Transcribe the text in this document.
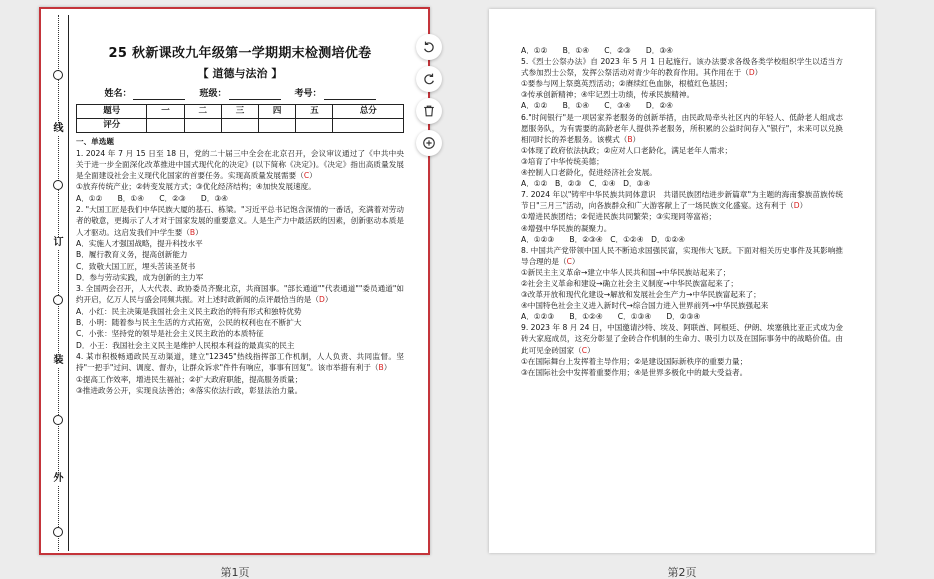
线
订
装
外
25 秋新课改九年级第一学期期末检测培优卷
【 道德与法治 】
姓名：	班级：	考号：
题号	一	二	三	四	五	总分
评分						
一、单选题
1. 2024 年 7 月 15 日至 18 日，党的二十届三中全会在北京召开，会议审议通过了《中共中央关于进一步全面深化改革推进中国式现代化的决定》(以下简称《决定》)。《决定》指出高质量发展是全面建设社会主义现代化国家的首要任务。实现高质量发展需要（C）
①放弃传统产业；②转变发展方式；③优化经济结构；④加快发展速度。
A．①②　　B．①④　　C．②③　　D．③④
2. "大国工匠是我们中华民族大厦的基石、栋梁。"习近平总书记饱含深情的一番话，充满着对劳动者的敬意，更揭示了人才对于国家发展的重要意义。人是生产力中最活跃的因素，创新驱动本质是人才驱动。这启发我们中学生要（B）
A．实施人才强国战略，提升科技水平
B．履行教育义务，提高创新能力
C．致敬大国工匠，埋头苦读圣贤书
D．参与劳动实践，成为创新的主力军
3. 全国两会召开，人大代表、政协委员齐聚北京，共商国事。"部长通道""代表通道""委员通道"如约开启，亿万人民与盛会同频共振。对上述时政新闻的点评最恰当的是（D）
A．小红：民主决策是我国社会主义民主政治的特有形式和独特优势
B．小明：随着参与民主生活的方式拓宽，公民的权利也在不断扩大
C．小张：坚持党的领导是社会主义民主政治的本质特征
D．小王：我国社会主义民主是维护人民根本利益的最真实的民主
4. 某市积极畅通政民互动渠道，建立"12345"热线指挥部工作机制，人人负责、共同监督。坚持"一把手"过问、调度、督办，让群众诉求"件件有响应，事事有回复"。该市举措有利于（B）
①提高工作效率，增进民生福祉；②扩大政府职能，提高服务质量；
③推进政务公开，实现良法善治；④落实依法行政，彰显法治力量。
A．①②　　B．①④　　C．②③　　D．③④
5.《烈士公祭办法》自 2023 年 5 月 1 日起施行。该办法要求各级各类学校组织学生以适当方式参加烈士公祭，发挥公祭活动对青少年的教育作用。其作用在于（D）
①要参与网上祭奠英烈活动；②赓续红色血脉，根植红色基因；
③传承创新精神；④牢记烈士功绩，传承民族精神。
A．①②　　B．①④　　C．③④　　D．②④
6."时间银行"是一项居家养老服务的创新举措，由民政局牵头社区内的年轻人、低龄老人组成志愿服务队，为有需要的高龄老年人提供养老服务，所积累的公益时间存入"银行"，未来可以兑换相同时长的养老服务。该模式（B）
①体现了政府依法执政；②应对人口老龄化，满足老年人需求；
③培育了中华传统美德；
④控制人口老龄化，促进经济社会发展。
A．①②　B．②③　C．①④　D．③④
7. 2024 年以"铸牢中华民族共同体意识　共谱民族团结进步新篇章"为主题的海南黎族苗族传统节日"三月三"活动，向各族群众和广大游客献上了一场民族文化盛宴。这有利于（D）
①增进民族团结；②促进民族共同繁荣；③实现同等富裕；
④增强中华民族的凝聚力。
A．①②③　　B．②③④　C．①②④　D．①②④
8. 中国共产党带领中国人民不断追求国强民富，实现伟大飞跃。下面对相关历史事件及其影响推导合理的是（C）
①新民主主义革命→建立中华人民共和国→中华民族站起来了；
②社会主义革命和建设→确立社会主义制度→中华民族富起来了；
③改革开放和现代化建设→解放和发展社会生产力→中华民族富起来了；
④中国特色社会主义进入新时代→综合国力进入世界前列→中华民族强起来
A．①②③　　B．①②④　　C．①③④　　D．②③④
9. 2023 年 8 月 24 日，中国邀请沙特、埃及、阿联酋、阿根廷、伊朗、埃塞俄比亚正式成为金砖大家庭成员，这充分彰显了金砖合作机制的生命力、吸引力以及在国际事务中的战略价值。由此可见金砖国家（C）
①在国际舞台上发挥着主导作用；②是建设国际新秩序的重要力量；
③在国际社会中发挥着重要作用；④是世界多极化中的最大受益者。
第1页	第2页
